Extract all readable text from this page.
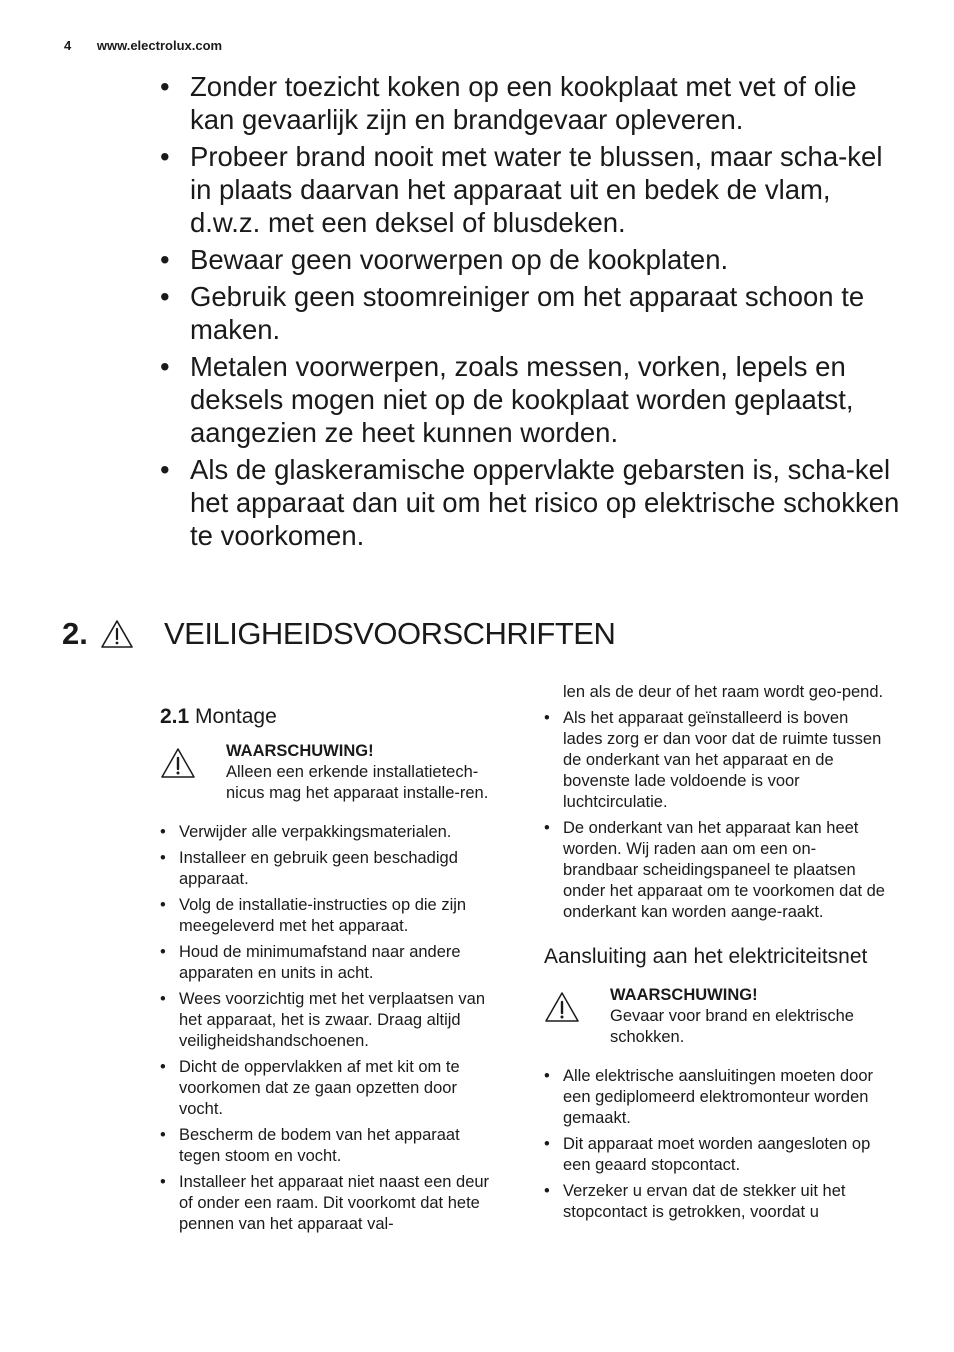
4 www.electrolux.com
• Zonder toezicht koken op een kookplaat met vet of olie kan gevaarlijk zijn en brandgevaar opleveren.
• Probeer brand nooit met water te blussen, maar scha-kel in plaats daarvan het apparaat uit en bedek de vlam, d.w.z. met een deksel of blusdeken.
• Bewaar geen voorwerpen op de kookplaten.
• Gebruik geen stoomreiniger om het apparaat schoon te maken.
• Metalen voorwerpen, zoals messen, vorken, lepels en deksels mogen niet op de kookplaat worden geplaatst, aangezien ze heet kunnen worden.
• Als de glaskeramische oppervlakte gebarsten is, scha-kel het apparaat dan uit om het risico op elektrische schokken te voorkomen.
2.	VEILIGHEIDSVOORSCHRIFTEN
2.1 Montage
WAARSCHUWING!
Alleen een erkende installatietech-nicus mag het apparaat installe-ren.
• Verwijder alle verpakkingsmaterialen.
• Installeer en gebruik geen beschadigd apparaat.
• Volg de installatie-instructies op die zijn meegeleverd met het apparaat.
• Houd de minimumafstand naar andere apparaten en units in acht.
• Wees voorzichtig met het verplaatsen van het apparaat, het is zwaar. Draag altijd veiligheidshandschoenen.
• Dicht de oppervlakken af met kit om te voorkomen dat ze gaan opzetten door vocht.
• Bescherm de bodem van het apparaat tegen stoom en vocht.
• Installeer het apparaat niet naast een deur of onder een raam. Dit voorkomt dat hete pennen van het apparaat val-
len als de deur of het raam wordt geo-pend.
• Als het apparaat geïnstalleerd is boven lades zorg er dan voor dat de ruimte tussen de onderkant van het apparaat en de bovenste lade voldoende is voor luchtcirculatie.
• De onderkant van het apparaat kan heet worden. Wij raden aan om een on-brandbaar scheidingspaneel te plaatsen onder het apparaat om te voorkomen dat de onderkant kan worden aange-raakt.
Aansluiting aan het elektriciteitsnet
WAARSCHUWING!
Gevaar voor brand en elektrische schokken.
• Alle elektrische aansluitingen moeten door een gediplomeerd elektromonteur worden gemaakt.
• Dit apparaat moet worden aangesloten op een geaard stopcontact.
• Verzeker u ervan dat de stekker uit het stopcontact is getrokken, voordat u
